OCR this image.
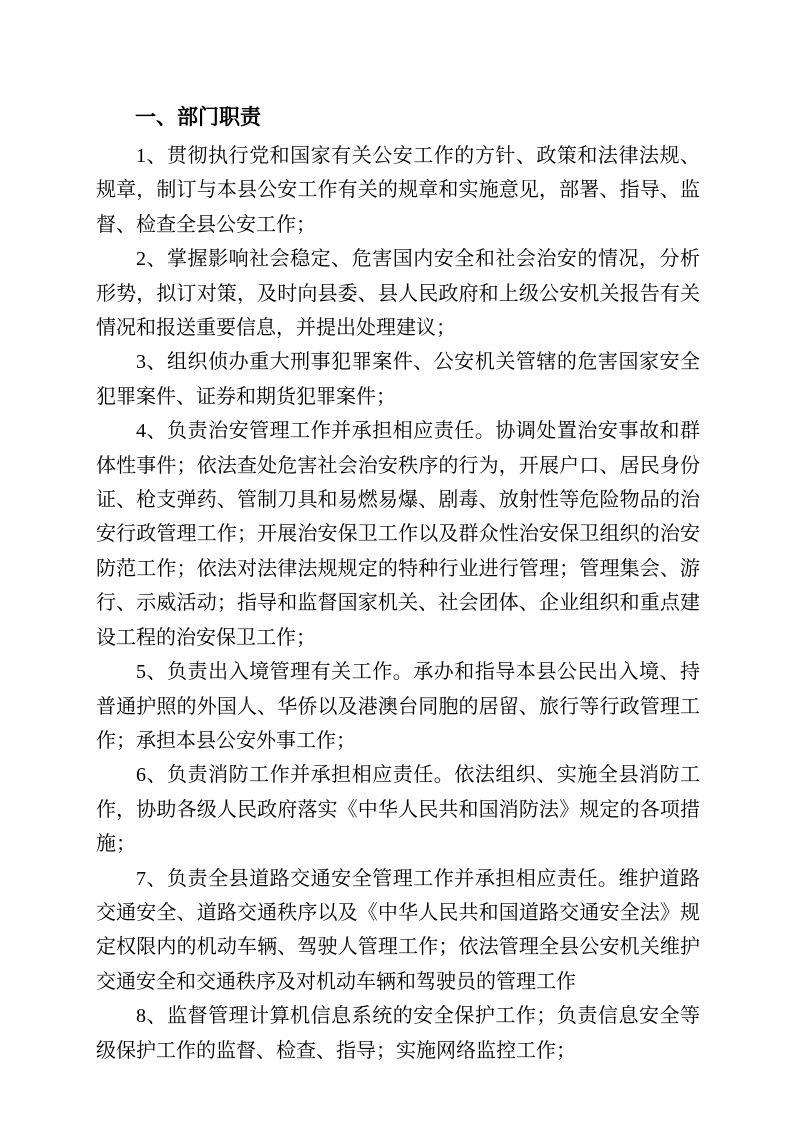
一、部门职责

1、贯彻执行党和国家有关公安工作的方针、政策和法律法规、规章，制订与本县公安工作有关的规章和实施意见，部署、指导、监督、检查全县公安工作；

2、掌握影响社会稳定、危害国内安全和社会治安的情况，分析形势，拟订对策，及时向县委、县人民政府和上级公安机关报告有关情况和报送重要信息，并提出处理建议；

3、组织侦办重大刑事犯罪案件、公安机关管辖的危害国家安全犯罪案件、证券和期货犯罪案件；

4、负责治安管理工作并承担相应责任。协调处置治安事故和群体性事件；依法查处危害社会治安秩序的行为，开展户口、居民身份证、枪支弹药、管制刀具和易燃易爆、剧毒、放射性等危险物品的治安行政管理工作；开展治安保卫工作以及群众性治安保卫组织的治安防范工作；依法对法律法规规定的特种行业进行管理；管理集会、游行、示威活动；指导和监督国家机关、社会团体、企业组织和重点建设工程的治安保卫工作；

5、负责出入境管理有关工作。承办和指导本县公民出入境、持普通护照的外国人、华侨以及港澳台同胞的居留、旅行等行政管理工作；承担本县公安外事工作；

6、负责消防工作并承担相应责任。依法组织、实施全县消防工作，协助各级人民政府落实《中华人民共和国消防法》规定的各项措施；

7、负责全县道路交通安全管理工作并承担相应责任。维护道路交通安全、道路交通秩序以及《中华人民共和国道路交通安全法》规定权限内的机动车辆、驾驶人管理工作；依法管理全县公安机关维护交通安全和交通秩序及对机动车辆和驾驶员的管理工作

8、监督管理计算机信息系统的安全保护工作；负责信息安全等级保护工作的监督、检查、指导；实施网络监控工作；
